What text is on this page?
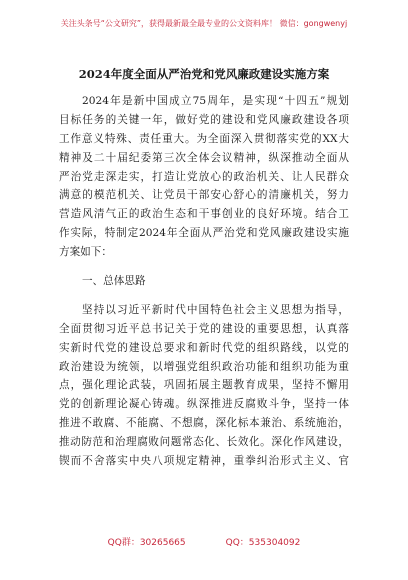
关注头条号“公文研究”，获得最新最全最专业的公文资料库！ 微信：gongwenyj
2024年度全面从严治党和党风廉政建设实施方案
2024年是新中国成立75周年，是实现“十四五”规划
目标任务的关键一年，做好党的建设和党风廉政建设各项
工作意义特殊、责任重大。为全面深入贯彻落实党的XX大
精神及二十届纪委第三次全体会议精神，纵深推动全面从
严治党走深走实，打造让党放心的政治机关、让人民群众
满意的模范机关、让党员干部安心舒心的清廉机关，努力
营造风清气正的政治生态和干事创业的良好环境。结合工
作实际，特制定2024年全面从严治党和党风廉政建设实施
方案如下：
一、总体思路
坚持以习近平新时代中国特色社会主义思想为指导，
全面贯彻习近平总书记关于党的建设的重要思想，认真落
实新时代党的建设总要求和新时代党的组织路线，以党的
政治建设为统领，以增强党组织政治功能和组织功能为重
点，强化理论武装，巩固拓展主题教育成果，坚持不懈用
党的创新理论凝心铸魂。纵深推进反腐败斗争，坚持一体
推进不敢腐、不能腐、不想腐，深化标本兼治、系统施治，
推动防范和治理腐败问题常态化、长效化。深化作风建设，
锲而不舍落实中央八项规定精神，重拳纠治形式主义、官
QQ群：30265665	QQ：535304092
